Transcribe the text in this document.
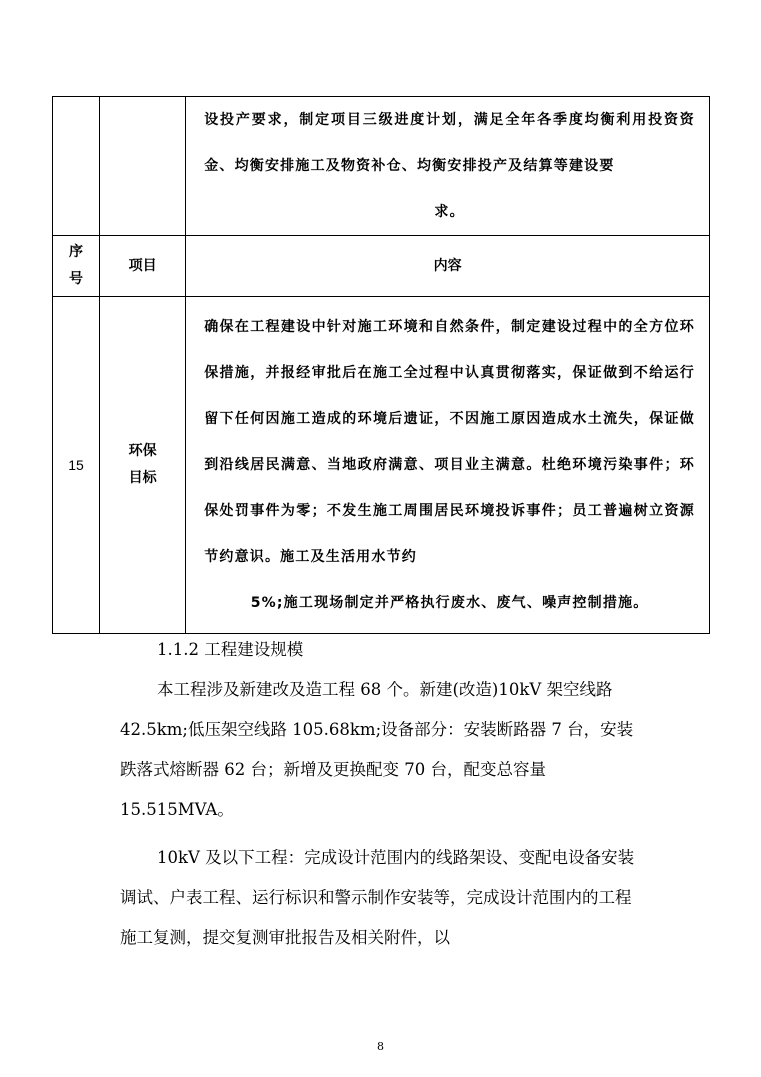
		设投产要求，制定项目三级进度计划，满足全年各季度均衡利用投资资金、均衡安排施工及物资补仓、均衡安排投产及结算等建设要
求。

序号	项目	内容
15	环保目标	确保在工程建设中针对施工环境和自然条件，制定建设过程中的全方位环保措施，并报经审批后在施工全过程中认真贯彻落实，保证做到不给运行留下任何因施工造成的环境后遗证，不因施工原因造成水土流失，保证做到沿线居民满意、当地政府满意、项目业主满意。杜绝环境污染事件；环保处罚事件为零；不发生施工周围居民环境投诉事件；员工普遍树立资源节约意识。施工及生活用水节约
5%;施工现场制定并严格执行废水、废气、噪声控制措施。
1.1.2 工程建设规模
本工程涉及新建改及造工程 68 个。新建(改造)10kV 架空线路 42.5km;低压架空线路 105.68km;设备部分：安装断路器 7 台，安装跌落式熔断器 62 台；新增及更换配变 70 台，配变总容量 15.515MVA。
10kV 及以下工程：完成设计范围内的线路架设、变配电设备安装调试、户表工程、运行标识和警示制作安装等，完成设计范围内的工程施工复测，提交复测审批报告及相关附件，以
8
